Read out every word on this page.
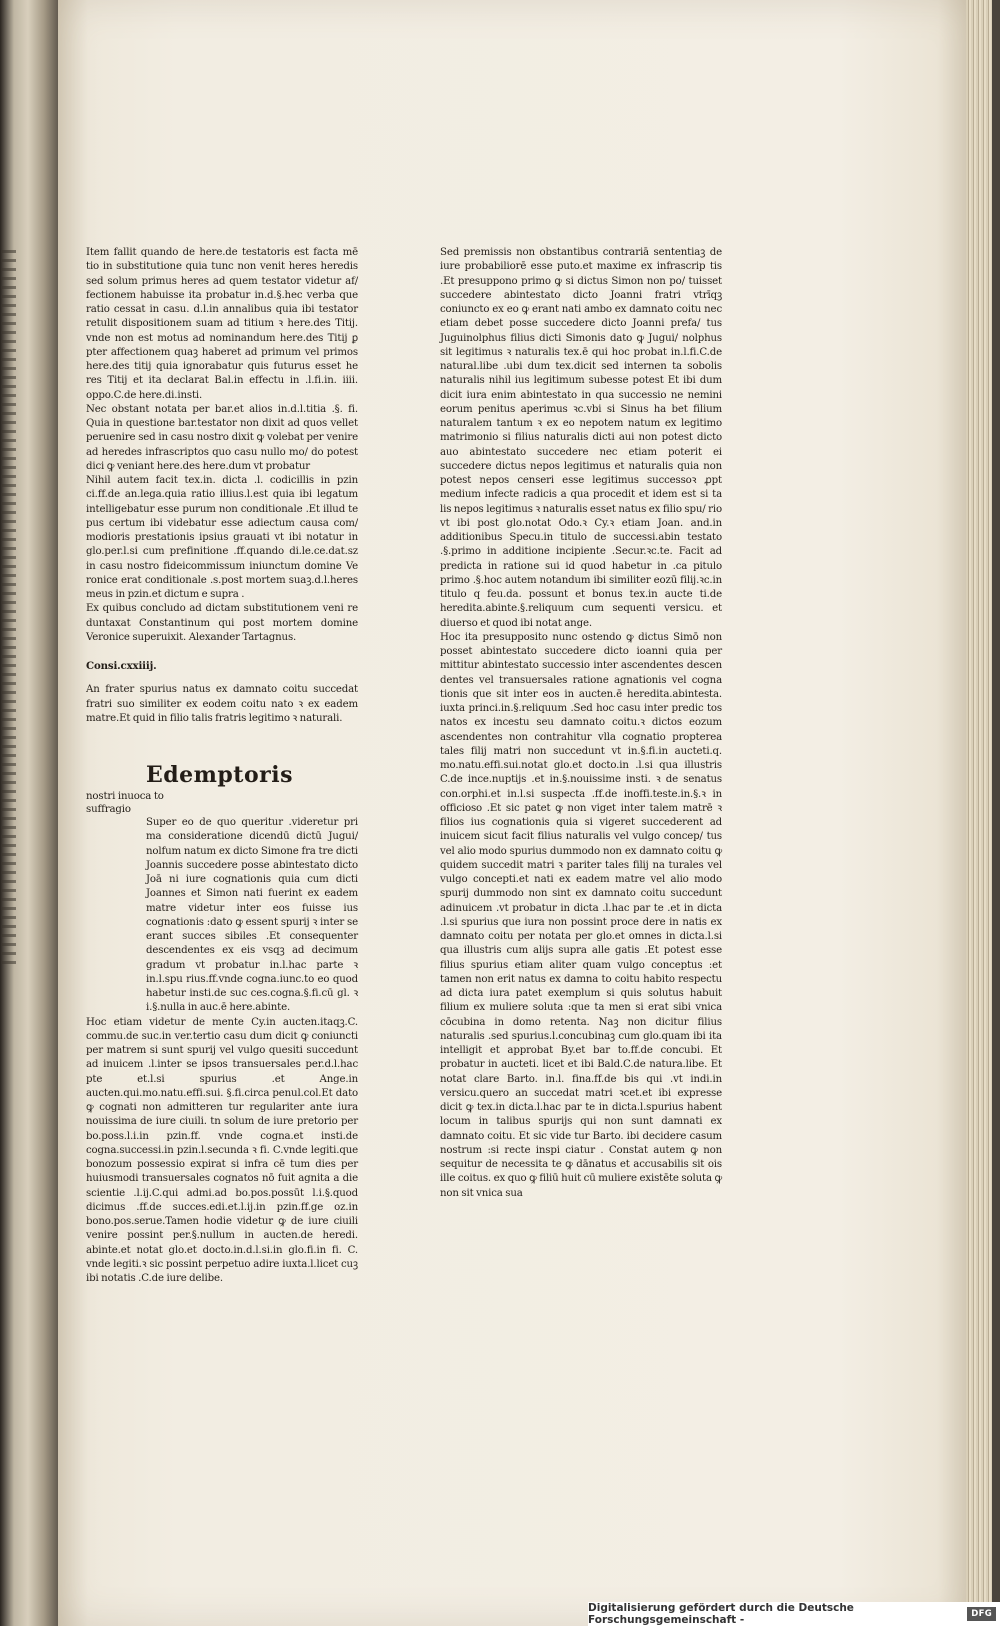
Item fallit quando de here.de testatoris est facta mē tio in substitutione quia tunc non venit heres heredis sed solum primus heres ad quem testator videtur af/ fectionem habuisse ita probatur in.d.§.hec verba que ratio cessat in casu. d.l.in annalibus quia ibi testator retulit dispositionem suam ad titium ꝛ here.des Titij. vnde non est motus ad nominandum here.des Titij ꝑ pter affectionem quaꝫ haberet ad primum vel primos here.des titij quia ignorabatur quis futurus esset he res Titij et ita declarat Bal.in effectu in .l.fi.in. iiii. oppo.C.de here.di.insti.

Nec obstant notata per bar.et alios in.d.l.titia .§. fi. Quia in questione bar.testator non dixit ad quos vellet peruenire sed in casu nostro dixit ꝙ volebat per venire ad heredes infrascriptos quo casu nullo mo/ do potest dici ꝙ veniant here.des here.dum vt probatur

Nihil autem facit tex.in. dicta .l. codicillis in pzin ci.ff.de an.lega.quia ratio illius.l.est quia ibi legatum intelligebatur esse purum non conditionale .Et illud te pus certum ibi videbatur esse adiectum causa com/ modioris prestationis ipsius grauati vt ibi notatur in glo.per.l.si cum prefinitione .ff.quando di.le.ce.dat.sz in casu nostro fideicommissum iniunctum domine Ve ronice erat conditionale .s.post mortem suaꝫ.d.l.heres meus in pzin.et dictum e supra .

Ex quibus concludo ad dictam substitutionem veni re duntaxat Constantinum qui post mortem domine Veronice superuixit. Alexander Tartagnus.

Consi.cxxiiij.

An frater spurius natus ex damnato coitu succedat fratri suo similiter ex eodem coitu nato ꝛ ex eadem matre.Et quid in filio talis fratris legitimo ꝛ naturali.

Edemptorisnostri inuoca to suffragio

Super eo de quo queritur .videretur pri ma consideratione dicendū dictū Jugui/ nolfum natum ex dicto Simone fra tre dicti Joannis succedere posse abintestato dicto Joā ni iure cognationis quia cum dicti Joannes et Simon nati fuerint ex eadem matre videtur inter eos fuisse ius cognationis :dato ꝙ essent spurij ꝛ inter se erant succes sibiles .Et consequenter descendentes ex eis vsqꝫ ad decimum gradum vt probatur in.l.hac parte ꝛ in.l.spu rius.ff.vnde cogna.iunc.to eo quod habetur insti.de suc ces.cogna.§.fi.cū gl. ꝛ i.§.nulla in auc.ē here.abinte.

Hoc etiam videtur de mente Cy.in aucten.itaqꝫ.C. commu.de suc.in ver.tertio casu dum dicit ꝙ coniuncti per matrem si sunt spurij vel vulgo quesiti succedunt ad inuicem .l.inter se ipsos transuersales per.d.l.hac pte et.l.si spurius .et Ange.in aucten.qui.mo.natu.effi.sui. §.fi.circa penul.col.Et dato ꝙ cognati non admitteren tur regulariter ante iura nouissima de iure ciuili. tn solum de iure pretorio per bo.poss.l.i.in pzin.ff. vnde cogna.et insti.de cogna.successi.in pzin.l.secunda ꝛ fi. C.vnde legiti.que bonozum possessio expirat si infra cē tum dies per huiusmodi transuersales cognatos nō fuit agnita a die scientie .l.ij.C.qui admi.ad bo.pos.possūt l.i.§.quod dicimus .ff.de succes.edi.et.l.ij.in pzin.ff.ge oz.in bono.pos.serue.Tamen hodie videtur ꝙ de iure ciuili venire possint per.§.nullum in aucten.de heredi. abinte.et notat glo.et docto.in.d.l.si.in glo.fi.in fi. C. vnde legiti.ꝛ sic possint perpetuo adire iuxta.l.licet cuꝫ ibi notatis .C.de iure delibe.

Sed premissis non obstantibus contrariā sententiaꝫ de iure probabiliorē esse puto.et maxime ex infrascrip tis .Et presuppono primo ꝙ si dictus Simon non po/ tuisset succedere abintestato dicto Joanni fratri vtrīqꝫ coniuncto ex eo ꝙ erant nati ambo ex damnato coitu nec etiam debet posse succedere dicto Joanni prefa/ tus Juguinolphus filius dicti Simonis dato ꝙ Jugui/ nolphus sit legitimus ꝛ naturalis tex.ē qui hoc probat in.l.fi.C.de natural.libe .ubi dum tex.dicit sed internen ta sobolis naturalis nihil ius legitimum subesse potest Et ibi dum dicit iura enim abintestato in qua successio ne nemini eorum penitus aperimus ꝛc.vbi si Sinus ha bet filium naturalem tantum ꝛ ex eo nepotem natum ex legitimo matrimonio si filius naturalis dicti aui non potest dicto auo abintestato succedere nec etiam poterit ei succedere dictus nepos legitimus et naturalis quia non potest nepos censeri esse legitimus successoꝛ ꝓpt medium infecte radicis a qua procedit et idem est si ta lis nepos legitimus ꝛ naturalis esset natus ex filio spu/ rio vt ibi post glo.notat Odo.ꝛ Cy.ꝛ etiam Joan. and.in additionibus Specu.in titulo de successi.abin testato .§.primo in additione incipiente .Secur.ꝛc.te. Facit ad predicta in ratione sui id quod habetur in .ca pitulo primo .§.hoc autem notandum ibi similiter eozū filij.ꝛc.in titulo q feu.da. possunt et bonus tex.in aucte ti.de heredita.abinte.§.reliquum cum sequenti versicu. et diuerso et quod ibi notat ange.

Hoc ita presupposito nunc ostendo ꝙ dictus Simō non posset abintestato succedere dicto ioanni quia per mittitur abintestato successio inter ascendentes descen dentes vel transuersales ratione agnationis vel cogna tionis que sit inter eos in aucten.ē heredita.abintesta. iuxta princi.in.§.reliquum .Sed hoc casu inter predic tos natos ex incestu seu damnato coitu.ꝛ dictos eozum ascendentes non contrahitur vlla cognatio propterea tales filij matri non succedunt vt in.§.fi.in aucteti.q. mo.natu.effi.sui.notat glo.et docto.in .l.si qua illustris C.de ince.nuptijs .et in.§.nouissime insti. ꝛ de senatus con.orphi.et in.l.si suspecta .ff.de inoffi.teste.in.§.ꝛ in officioso .Et sic patet ꝙ non viget inter talem matrē ꝛ filios ius cognationis quia si vigeret succederent ad inuicem sicut facit filius naturalis vel vulgo concep/ tus vel alio modo spurius dummodo non ex damnato coitu ꝙ quidem succedit matri ꝛ pariter tales filij na turales vel vulgo concepti.et nati ex eadem matre vel alio modo spurij dummodo non sint ex damnato coitu succedunt adinuicem .vt probatur in dicta .l.hac par te .et in dicta .l.si spurius que iura non possint proce dere in natis ex damnato coitu per notata per glo.et omnes in dicta.l.si qua illustris cum alijs supra alle gatis .Et potest esse filius spurius etiam aliter quam vulgo conceptus :et tamen non erit natus ex damna to coitu habito respectu ad dicta iura patet exemplum si quis solutus habuit filium ex muliere soluta :que ta men si erat sibi vnica cōcubina in domo retenta. Naꝫ non dicitur filius naturalis .sed spurius.l.concubinaꝫ cum glo.quam ibi ita intelligit et approbat By.et bar to.ff.de concubi. Et probatur in aucteti. licet et ibi Bald.C.de natura.libe. Et notat clare Barto. in.l. fina.ff.de bis qui .vt indi.in versicu.quero an succedat matri ꝛcet.et ibi expresse dicit ꝙ tex.in dicta.l.hac par te in dicta.l.spurius habent locum in talibus spurijs qui non sunt damnati ex damnato coitu. Et sic vide tur Barto. ibi decidere casum nostrum :si recte inspi ciatur . Constat autem ꝙ non sequitur de necessita te ꝙ dānatus et accusabilis sit ois ille coitus. ex quo ꝙ filiū huit cū muliere existēte soluta ꝙ non sit vnica sua

Digitalisierung gefördert durch die Deutsche Forschungsgemeinschaft -	DFG
